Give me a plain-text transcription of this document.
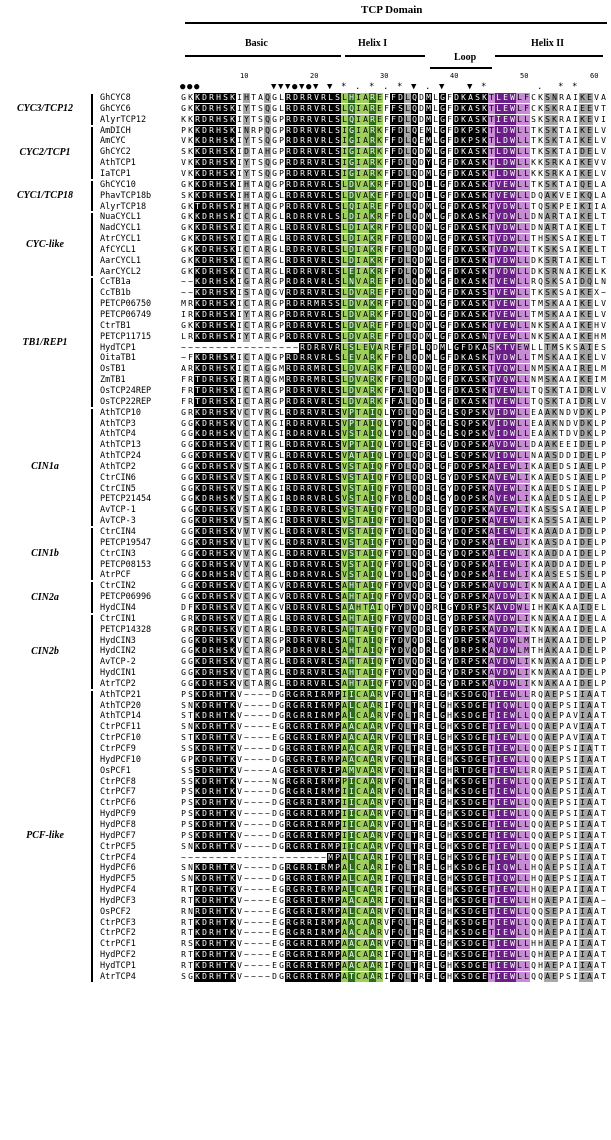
TCP Domain
Basic	Helix I	Helix II
Loop
10	20	30	40	50	60
● ● ●	▼ ▼ ▼ ● ▼ ● ▼ ▼ * . * . * ▼ . ▼	▼ *	. * *
GhCYC8	G K K D R H S K I H T A Q G L R D R R V R L S L H I A R E F F D L Q D M L G F D K A S K T L E W L F C K S N R A I K E V A
GhCYC6	G K K D R H S K I Y T S Q G L R D R R V R L S L Q I A R E F F S L Q D M L G F D K A S K T L E W L F C K S K R A I E E V T
AlyrTCP12	K K R D R H S K I Y T S Q G P R D R R V R L S L Q I A R E F F D L Q D M L G F D K A S K T I E W L L S K S K R A I K E V I
CYC3/TCP12
AmDICH	P K K D R H S K I N R P Q G P R D R R V R L S I G I A R K F F D L Q E M L G F D K P S K T L D W L L T K S K T A I K E L V
AmCYC	V K K D R H S K I Y T S Q G P R D R R V R L S I G I A R K F F D L Q E M L G F D K P S K T L D W L L T K S K T A I K E L V
GhCYC2	S K K D R H S K I D T A H G P R D R R V R L S I G I A R K F F D L Q D M L G F D K A S K T L D W L L T K S K T A I D E L V
AthTCP1	V K K D R H S K I Y T S Q G P R D R R V R L S I G I A R K F F D L Q D Y L G F D K A S K T L D W L L K K S R K A I K E V V
IaTCP1	V K K D R H S K I Y T S Q G P R D R R V R L S I G I A R K F F D L Q D M L G F D K A S K T L D W L L K K S R K A I K E L V
CYC2/TCP1
GhCYC10	G K K D R H S K I H T A Q G P R D R R V R L S L D V A K R F F D L Q D L L G F D K A S K T V E W L L T K S K T A I Q E L A
PhavTCP18b	S K K D R H S K I H T A Q G L R D R R V R L S L D V A K E F F D L Q D L L G F D K A S K T V E W L L D Q A K V E I K Q L A
AlyrTCP18	G K T D R H S K I H T A Q G P R D R R V R L S L Q I A R E F F D L Q D M L G F D K A S K T V D W L L T Q S K P E I K I I A
CYC1/TCP18
NuaCYCL1	G K K D R H S K I C T A R G L R D R R V R L S L D I A K R F F D L Q D M L G F D K A S K T V D W L L D N A R T A I K E L T
NadCYCL1	G K K D R H S K I C T A R G L R D R R V R L S L D I A K R F F D L Q D M L G F D K A S K T V D W L L D N A R T A I K E L T
AtrCYCL1	G K K D R H S K I C T A R G L R D R R V R L S L D I A K R F F D L Q D M L G F D K A S K T V D W L L T H S K S A I K E L T
AfCYCL1	G K K D R H S K I C T A R G L R D R R V R L S L D I A K R F F D L Q D M L G F D K A S K T V D W L L T K S K S A I K E L T
AarCYCL1	G K K D R H S K I C T A R G L R D R R V R L S L D I A K R F F D L Q D M L G F D K A S K T V D W L L D K S R T A I K E L T
AarCYCL2	G K K D R H S K I C T A R G L R D R R V R L S L E I A K R F F D L Q D M L G F D K A S K T V D W L L D K S R N A I K E L K
CYC-like
CcTB1a	~ ~ K D R H S K I G T A R G P R D R R V R L S L N V A R E F F D L Q D M L G F D K A S K T V E W L L R Q S K S A I D Q L N
CcTB1b	~ ~ K D R H S K I S T A Q G V R D R R V R L S L D V A R E F F D L Q D M L G F D K A S S T V E W L L T K S K S A I K E X ~
PETCP06750	M R K D R H S K I C T A R G P R D R R M R S S L D V A K R F F D L Q D M L G F D K A S K T V E W L L T M S K A A I K E L V
PETCP06749	I R K D R H S K I Y T A R G P R D R R V R L S L D V A R K F F D L Q D M L G F D K A S K T V E W L L T M S K A A I K E L V
CtrTB1	G K K D R H S K I C T A R G P R D R R V R L S L D V A R E F F D L Q D M L G F D K A S K T V E W L L N K S K A A I K E H V
PETCP11715	L R K D R H S K I Y T A R G P R D R R V R L S L D V A R E F F D L Q D M L G F D K A S N T V E W L L N K S K A A I K E H M
HydTCP1	~ ~ ~ ~ ~ ~ ~ ~ ~ ~ ~ ~ ~ ~ ~ ~ ~ R D R R V R L S L E V A R E F F D L Q D M L G F D K A S K T V E W L L T M S K S A I E S
OitaTB1	~ F K D R H S K I C T A Q G P R D R R V R L S L E V A R K F F D L Q D M L G F D K A S K T V D W L L T M S K A A I K E L V
OsTB1	A R K D R H S K I C T A G G M R D R R M R L S L D V A R K F F A L Q D M L G F D K A S K T V Q W L L N M S K A A I R E L M
ZmTB1	F R T D R H S K I R T A Q G M R D R R M R L S L D V A R K F F D L Q D M L G F D K A S K T V Q W L L N M S K A A I K E I M
OsTCP24REP	F R T D R H S K I C T A R G P R D R R V R L S L D V A R K F F A L Q D L L G F D K A S K T V E W L L T Q S K T A I D R L V
OsTCP22REP	F R T D R H S K I C T A R G P R D R R V R L S L D V A R K F F A L Q D L L G F D K A S K T V E W L L T Q S K T A I D R L V
TB1/REP1
AthTCP10	G R K D R H S K V C T V R G L R D R R V R L S V P T A I Q L Y D L Q D R L G L S Q P S K V I D W L L E A A K N D V D K L P
AthTCP3	G G K D R H S K V C T A K G I R D R R V R L S V P T A I Q L Y D L Q D R L G L S Q P S K V I D W L L E A A K N D V D K L P
AthTCP4	G G K D R H S K V C T A K G I R D R R V R L S V S T A I Q L Y D L Q D R L G L S Q P S K V I D W L L E A A K T D V D K L P
AthTCP13	G G K D R H S K V C T I R G L R D R R V R L S V P T A I Q L Y D L Q E R L G V D Q P S K A V D W L L D A A K E E I D E L P
AthTCP24	G G K D R H S K V C T V R G L R D R R V R L S V A T A I Q L Y D L Q D R L G L S Q P S K V I D W L L N A A S D D I D E L P
AthTCP2	G G K D R H S K V S T A K G I R D R R V R L S V S T A I Q F Y D L Q D R L G F D Q P S K A I E W L I K A A E D S I A E L P
CtrCIN6	G G K D R H S K V S T A K G I R D R R V R L S V S T A I Q F Y D L Q D R L G Y D Q P S K A V E W L I K A A E D S I A E L P
CtrCIN5	G G K D R H S K V S T A K G I R D R R V R L S V S T A I Q F Y D L Q D R L G Y D Q P S K A V E W L I K A A E D S I A E L P
PETCP21454	G G K D R H S K V S T A K G I R D R R V R L S V S T A I Q F Y D L Q D R L G Y D Q P S K A V E W L I K A A E D S I A E L P
AvTCP-1	G G K D R H S K V S T A K G I R D R R V R L S V S T A I Q F Y D L Q D R L G Y D Q P S K A V E W L I K A S S S A I A E L P
AvTCP-3	G G K D R H S K V S T A K G I R D R R V R L S V S T A I Q F Y D L Q D R L G Y D Q P S K A V E W L I K A S S S A I A E L P
CIN1a
CtrCIN4	G G K D R H S K V V T V K G L R D R R V R L S V S T A I Q F Y D L Q D R L G Y D Q P S K A I E W L I K A A A D A I D D L P
PETCP19547	G G K D R H S K V L T V K G L R D R R V R L S V S T A I Q F Y D L Q D R L G Y D Q P S K A I E W L I K A A S D A I D E L P
CtrCIN3	G G K D R H S K V V T A K G L R D R R V R L S V S T A I Q F Y D L Q D R L G Y D Q P S K A I E W L I K A A D D A I D E L P
PETCP08153	G G K D R H S K V V T A K G L R D R R V R L S V S T A I Q F Y D L Q D R L G Y D Q P S K A I E W L I K A A D D A I D E L P
AtrPCF	G G K D R H S R V C T A R G L R D R R V R L S V S T A I Q L Y D L Q D R L G Y D Q P S K A I E W L I K A A S E S I S E L P
CIN1b
CtrCIN2	G G K D R H S K V C T A K G V R D R R V R L S A H T A I Q F Y D V Q D R L G Y D R P S K A V D W L I K N A K A A I D E L A
PETCP06996	G G K D R H S K V C T A K G V R D R R V R L S A H T A I Q F Y D V Q D R L G Y D R P S K A V D W L I K N A K A A I D E L A
HydCIN4	D F K D R H S K V C T A K G V R D R R V R L S A A H T A I Q F Y D V Q D R L G Y D R P S K A V D W L I H K A K A A I D E L
CIN2a
CtrCIN1	G R K D R H S K V C T A R G L R D R R V R L S A H T A I Q F Y D V Q D R L G Y D R P S K A V D W L I K N A K A A I D E L A
PETCP14328	G R K D R H S K V C T A R G L R D R R V R L S A H T A I Q F Y D V Q D R L G Y D R P S K A V D W L I K N A K A A I D E L A
HydCIN3	G G K D R H S K V C T A R G P R D R R V R L S A H T A I Q F Y D V Q D R L G Y D R P S K A V D W L M T H A K A A I D E L P
HydCIN2	G G K D R H S K V C T A R G P R D R R V R L S A H T A I Q F Y D V Q D R L G Y D R P S K A V D W L M T H A K A A I D E L P
AvTCP-2	G G K D R H S K V C T A R G L R D R R V R L S A H T A I Q F Y D V Q D R L G Y D R P S K A V D W L I K N A K A A I D E L P
HydCIN1	G G K D R H S K V C T A R G L R D R R V R L S A H T A I Q F Y D V Q D R L G Y D R P S K A V D W L I K N A K A A I D E L P
AtrTCP2	G G K D R H S K V C T A R G L R D R R V R L S A H T A I Q F Y D V Q D R L G Y D R P S K A V D W L I K N A K A A I D E L P
CIN2b
AthTCP21	P S K D R H T K V ~ ~ ~ ~ D G R G R R I R M P I I C A A R V F Q L T R E L G H K S D G Q T I E W L L R Q A E P S I I A A T
AthTCP20	S N K D R H T K V ~ ~ ~ ~ D G R G R R I R M P A L C A A R I F Q L T R E L G H K S D G E T I Q W L L Q Q A E P S I I A A T
AthTCP14	S T K D R H T K V ~ ~ ~ ~ D G R G R R I R M P A L C A A R V F Q L T R E L G H K S D G E T I E W L L Q Q A E P A V I A A T
CtrPCF11	S N K D R H T K V ~ ~ ~ ~ E G R G R R I R M P A A C A A R V F Q L T R E L G H K S D G E T I E W L L Q Q A E P A V I A A T
CtrPCF10	S T K D R H T K V ~ ~ ~ ~ E G R G R R I R M P A A C A A R V F Q L T R E L G H K S D G E T I E W L L Q Q A E P A V I A A T
CtrPCF9	S S K D R H T K V ~ ~ ~ ~ D G R G R R I R M P A A C A A R V F Q L T R E L G H K S D G E T I E W L L Q Q A E P S I I A T T
HydPCF10	G P K D R H T K V ~ ~ ~ ~ D G R G R R I R M P A A C A A R V F Q L T R E L G H K S D G E T I E W L L Q Q A E P S I I A A T
OsPCF1	S S S D R H T K V ~ ~ ~ ~ A G R G R R V R I P A M V A A R V F Q L T R E L G H R T D G E T I E W L L R Q A E P S I I A A T
CtrPCF8	S S K D R H T K V ~ ~ ~ ~ N G R G R R I R M P P I C A A R V F Q L T R E L G H K S D G E T I E W L L Q Q A E P S I I A A T
CtrPCF7	P S K D R H T K V ~ ~ ~ ~ D G R G R R I R M P I I C A A R V F Q L T R E L G H K S D G E T I E W L L Q Q A E P S I I A A T
CtrPCF6	P S K D R H T K V ~ ~ ~ ~ D G R G R R I R M P I I C A A R V F Q L T R E L G H K S D G E T I E W L L Q Q A E P S I I A A T
HydPCF9	P S K D R H T K V ~ ~ ~ ~ D G R G R R I R M P I I C A A R V F Q L T R E L G H K S D G E T I E W L L Q Q A E P S I I A A T
HydPCF8	P S K D R H T K V ~ ~ ~ ~ D G R G R R I R M P I I C A A R V F Q L T R E L G H K S D G E T I E W L L Q Q A E P S I I A A T
HydPCF7	P S K D R H T K V ~ ~ ~ ~ D G R G R R I R M P I I C A A R V F Q L T R E L G H K S D G E T I E W L L Q Q A E P S I I A A T
CtrPCF5	S N K D R H T K V ~ ~ ~ ~ D G R G R R I R M P I I C A A R V F Q L T R E L G H K S D G E T I E W L L Q Q A E P S I I A A T
CtrPCF4	~ ~ ~ ~ ~ ~ ~ ~ ~ ~ ~ ~ ~ ~ ~ ~ ~ ~ ~ ~ ~ M P A L C A A R I F Q L T R E L G H K S D G E T I E W L L Q Q A E P S I I A A T
HydPCF6	S N K D R H T K V ~ ~ ~ ~ D G R G R R I R M P A L C A A R I F Q L T R E L G H K S D G E T I Q W L L H Q A E P S I I A A T
HydPCF5	S N K D R H T K V ~ ~ ~ ~ D G R G R R I R M P A L C A A R I F Q L T R E L G H K S D G E T I Q W L L H Q A E P S I I A A T
HydPCF4	R T K D R H T K V ~ ~ ~ ~ E G R G R R I R M P A L C A A R I F Q L T R E L G H K S D G E T I E W L L H Q A E P A I I A A T
HydPCF3	R T K D R H T K V ~ ~ ~ ~ E G R G R R I R M P A A C A A R I F Q L T R E L G H K S D G E T I E W L L H Q A E P A I I A A ~
OsPCF2	R N R D R H T K V ~ ~ ~ ~ E G R G R R I R M P A L C A A R V F Q L T R E L G H K S D G E T I E W L L Q Q S E P A I I A A T
CtrPCF3	R T K D R H T K V ~ ~ ~ ~ E G R G R R I R M P A A C A A R V F Q L T R E L G H K S D G E T I E W L L Q Q A E P A I I A A T
CtrPCF2	R T K D R H T K V ~ ~ ~ ~ E G R G R R I R M P A A C A A R V F Q L T R E L G H K S D G E T I E W L L Q H A E P A I I A A T
CtrPCF1	R S K D R H T K V ~ ~ ~ ~ E G R G R R I R M P A A C A A R V F Q L T R E L G H K S D G E T I E W L L H H A E P A I I A A T
HydPCF2	R T K D R H T K V ~ ~ ~ ~ E G R G R R I R M P A A C A A R I F Q L T R E L G H K S D G E T I E W L L Q H A E P A I I A A T
HydTCP1	R T K D R H T K V ~ ~ ~ ~ E G R G R R I R M P A A C A A R I F Q L T R E L G H K S D G E T I E W L L Q H A E P A I I A A T
AtrTCP4	S G K D R H T K V ~ ~ ~ ~ D G R G R R I R M P A T C A A R I F Q L T R E L G H K S D G E T I E W L L Q Q A E P S I I A A T
PCF-like
